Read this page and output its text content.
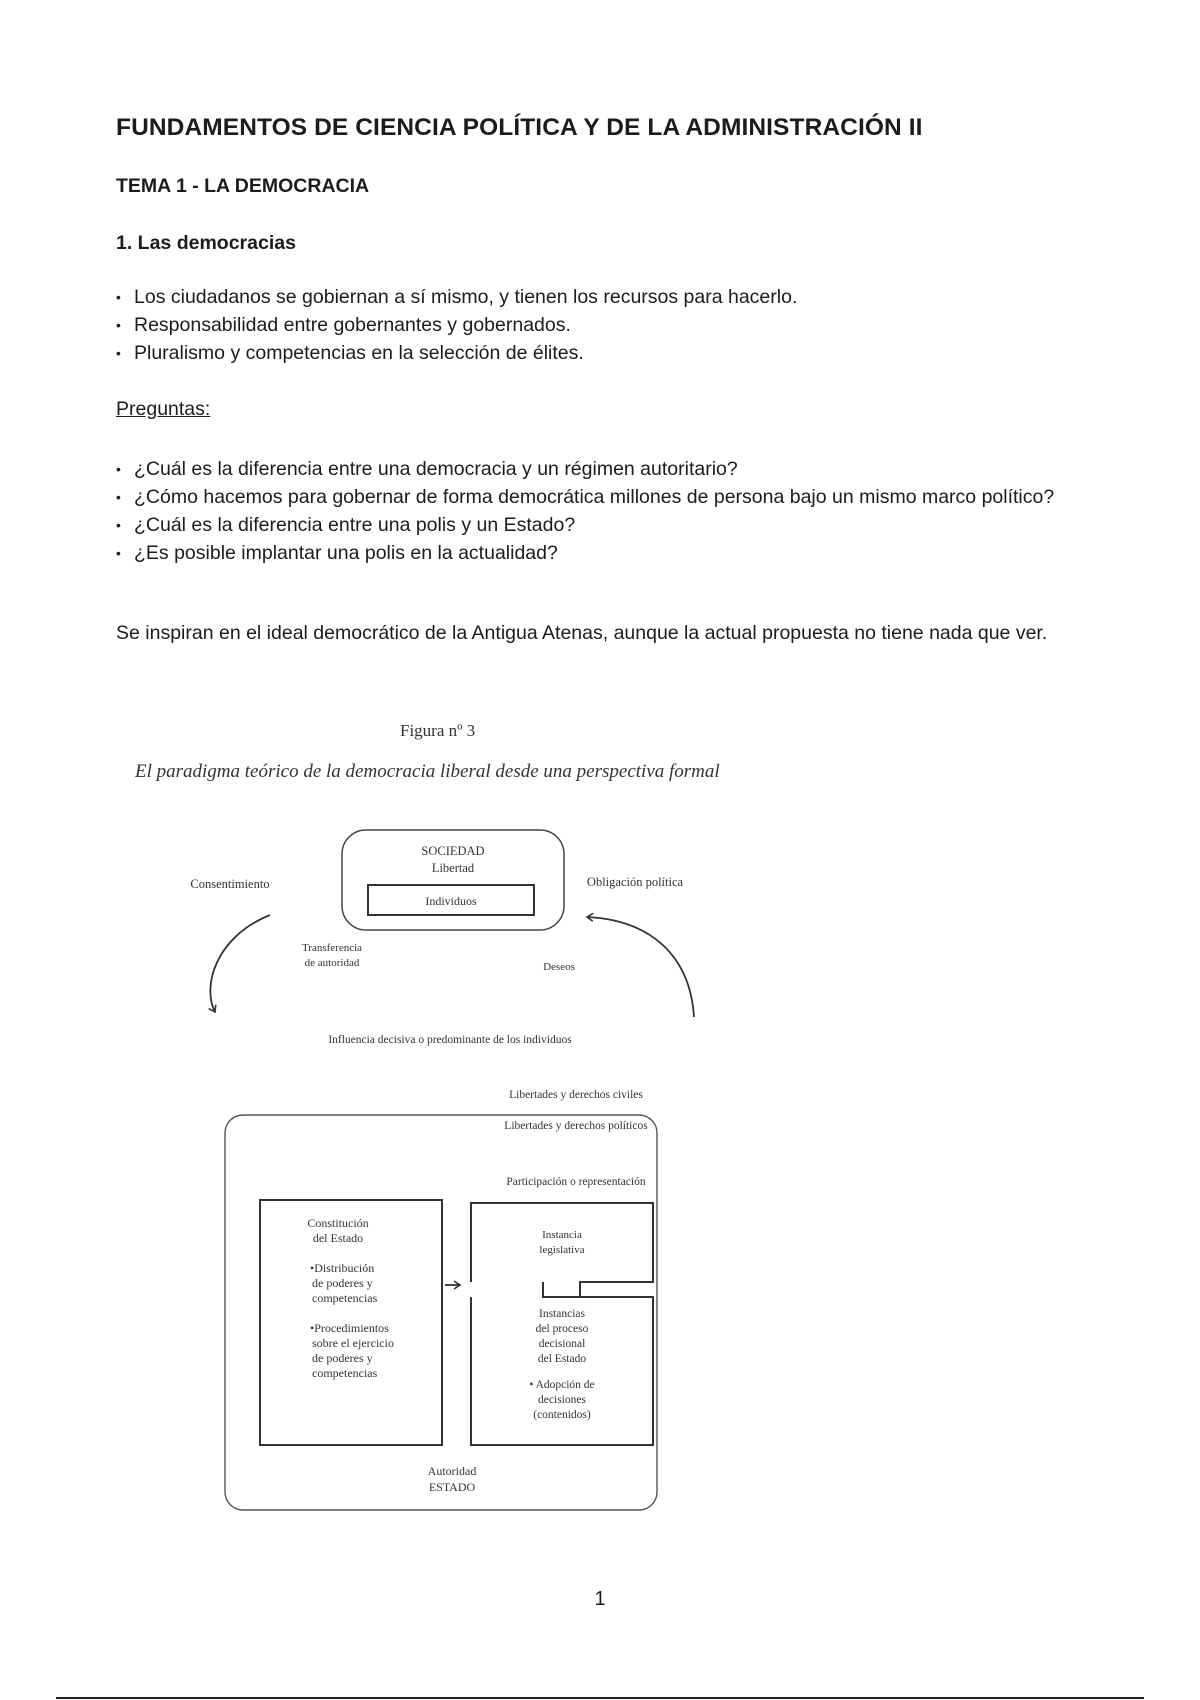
FUNDAMENTOS DE CIENCIA POLÍTICA Y DE LA ADMINISTRACIÓN II
TEMA 1 - LA DEMOCRACIA
1. Las democracias
• Los ciudadanos se gobiernan a sí mismo, y tienen los recursos para hacerlo.
• Responsabilidad entre gobernantes y gobernados.
• Pluralismo y competencias en la selección de élites.

Preguntas:

• ¿Cuál es la diferencia entre una democracia y un régimen autoritario?
• ¿Cómo hacemos para gobernar de forma democrática millones de persona bajo un mismo marco político?
• ¿Cuál es la diferencia entre una polis y un Estado?
• ¿Es posible implantar una polis en la actualidad?

Se inspiran en el ideal democrático de la Antigua Atenas, aunque la actual propuesta no tiene nada que ver.

Figura nº 3
El paradigma teórico de la democracia liberal desde una perspectiva formal
SOCIEDAD
Libertad
Individuos
Consentimiento	Obligación política
Transferencia
de autoridad	Deseos
Influencia decisiva o predominante de los individuos
Libertades y derechos civiles
Libertades y derechos políticos
Participación o representación
Constitución
del Estado
•Distribución
de poderes y
competencias
•Procedimientos
sobre el ejercicio
de poderes y
competencias
Instancia
legislativa
Instancias
del proceso
decisional
del Estado
• Adopción de
decisiones
(contenidos)
Autoridad
ESTADO

1
